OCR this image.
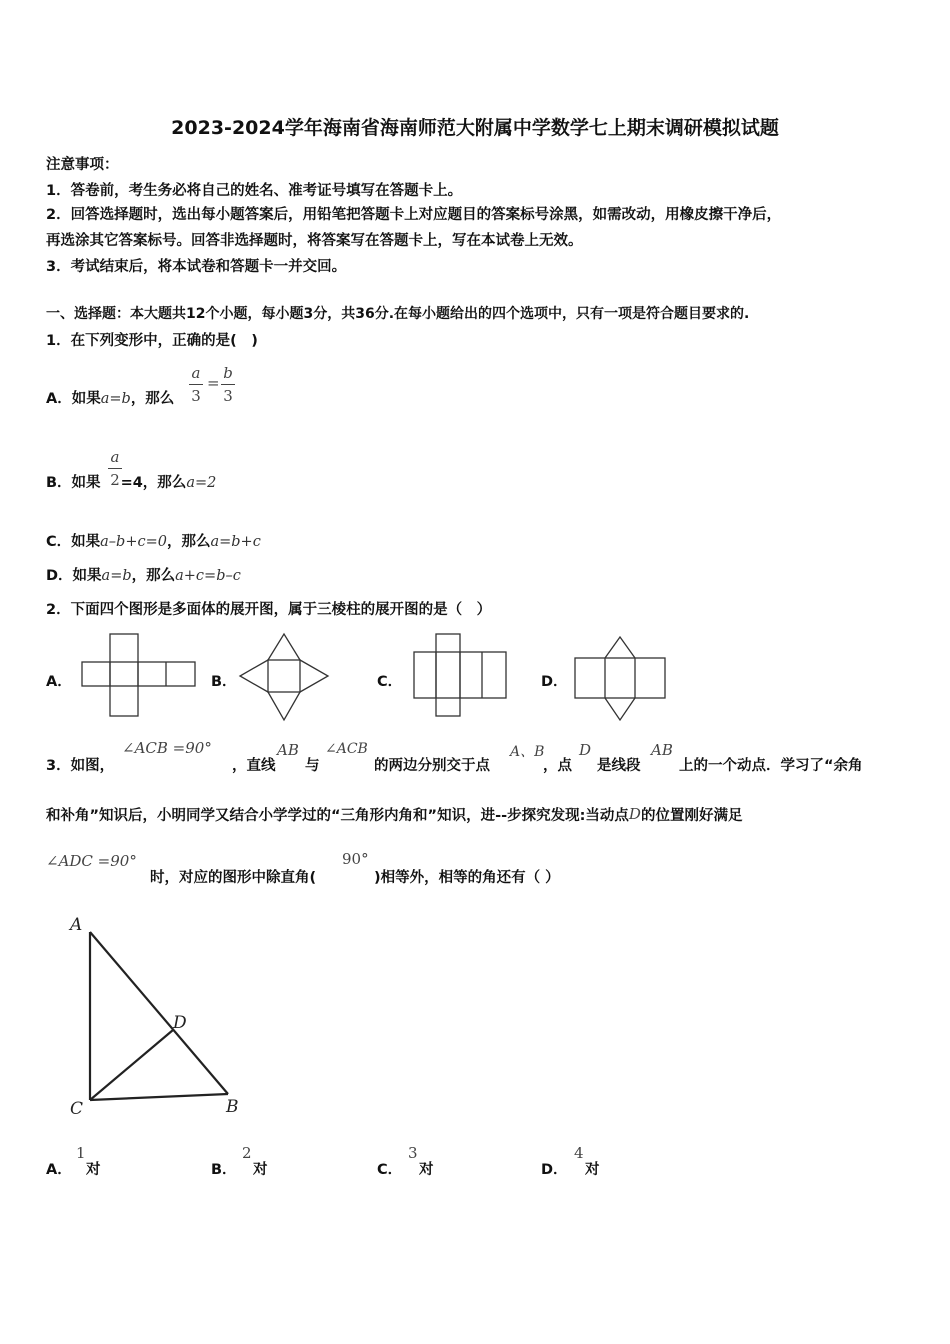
2023-2024学年海南省海南师范大附属中学数学七上期末调研模拟试题
注意事项：
1．答卷前，考生务必将自己的姓名、准考证号填写在答题卡上。
2．回答选择题时，选出每小题答案后，用铅笔把答题卡上对应题目的答案标号涂黑，如需改动，用橡皮擦干净后，
再选涂其它答案标号。回答非选择题时，将答案写在答题卡上，写在本试卷上无效。
3．考试结束后，将本试卷和答题卡一并交回。
一、选择题：本大题共12个小题，每小题3分，共36分.在每小题给出的四个选项中，只有一项是符合题目要求的.
1．在下列变形中，正确的是(　)
A．如果a=b，那么
a
3
=
b
3
a
2
B．如果 =4，那么a=2
C．如果a–b+c=0，那么a=b+c
D．如果a=b，那么a+c=b–c
2．下面四个图形是多面体的展开图，属于三棱柱的展开图的是（　）
A．	B．	C．	D．
3．如图，
∠ACB =90°
，直线
AB
与
∠ACB
的两边分别交于点
A、B
，点
D
是线段
AB
上的一个动点．学习了“余角
和补角”知识后，小明同学又结合小学学过的“三角形内角和”知识，进--步探究发现:当动点D的位置刚好满足
∠ADC =90°
时，对应的图形中除直角(
90°
)相等外，相等的角还有（ ）
A
D
C	B
A．
1
对	B．
2
对	C．
3
对	D．
4
对
